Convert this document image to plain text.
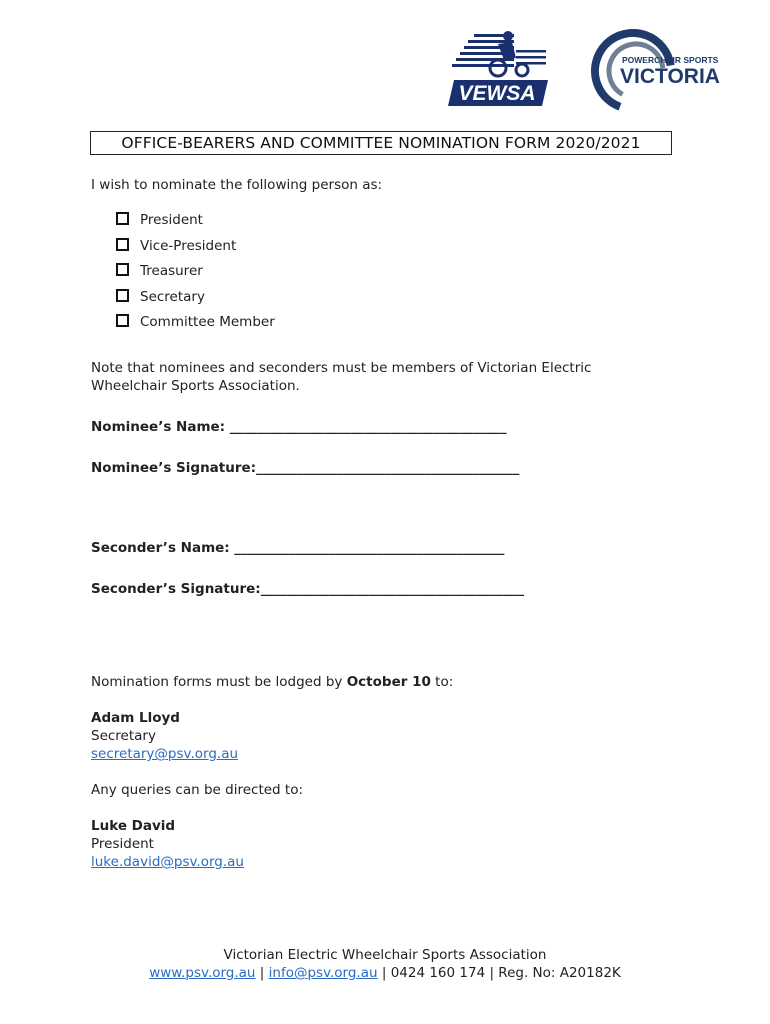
VEWSA
POWERCHAIR SPORTS
VICTORIA
OFFICE-BEARERS AND COMMITTEE NOMINATION FORM 2020/2021
I wish to nominate the following person as:
President
Vice-President
Treasurer
Secretary
Committee Member
Note that nominees and seconders must be members of Victorian Electric
Wheelchair Sports Association.
Nominee’s Name: _________________________________________
Nominee’s Signature:_______________________________________
Seconder’s Name: ________________________________________
Seconder’s Signature:_______________________________________
Nomination forms must be lodged by October 10 to:
Adam Lloyd
Secretary
secretary@psv.org.au
Any queries can be directed to:
Luke David
President
luke.david@psv.org.au
Victorian Electric Wheelchair Sports Association
www.psv.org.au | info@psv.org.au | 0424 160 174 | Reg. No: A20182K
